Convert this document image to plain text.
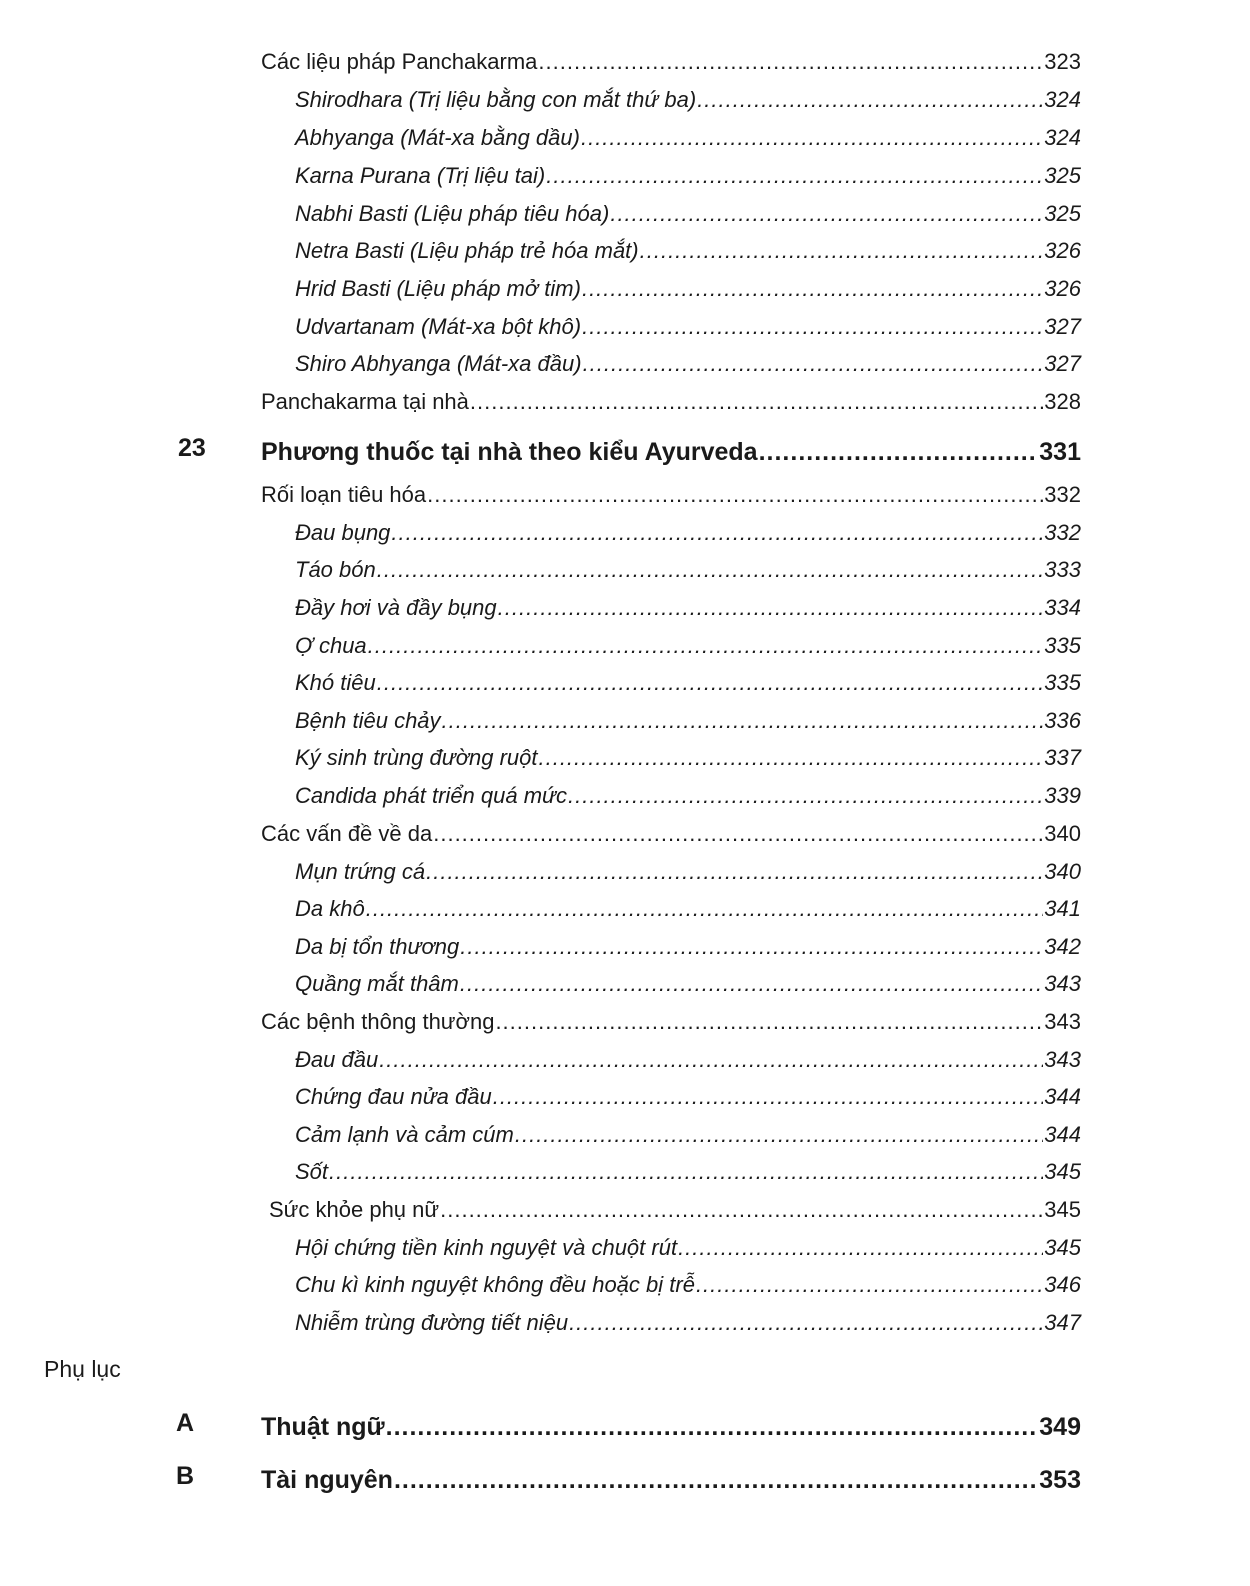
Các liệu pháp Panchakarma .....	323
Shirodhara (Trị liệu bằng con mắt thứ ba) .....	324
Abhyanga (Mát-xa bằng dầu) .....	324
Karna Purana (Trị liệu tai) .....	325
Nabhi Basti (Liệu pháp tiêu hóa) .....	325
Netra Basti (Liệu pháp trẻ hóa mắt) .....	326
Hrid Basti (Liệu pháp mở tim) .....	326
Udvartanam (Mát-xa bột khô) .....	327
Shiro Abhyanga (Mát-xa đầu) .....	327
Panchakarma tại nhà .....	328
23 Phương thuốc tại nhà theo kiểu Ayurveda .....	331
Rối loạn tiêu hóa .....	332
Đau bụng .....	332
Táo bón .....	333
Đầy hơi và đầy bụng .....	334
Ợ chua .....	335
Khó tiêu .....	335
Bệnh tiêu chảy .....	336
Ký sinh trùng đường ruột .....	337
Candida phát triển quá mức .....	339
Các vấn đề về da .....	340
Mụn trứng cá .....	340
Da khô .....	341
Da bị tổn thương .....	342
Quầng mắt thâm .....	343
Các bệnh thông thường .....	343
Đau đầu .....	343
Chứng đau nửa đầu .....	344
Cảm lạnh và cảm cúm .....	344
Sốt .....	345
Sức khỏe phụ nữ .....	345
Hội chứng tiền kinh nguyệt và chuột rút .....	345
Chu kì kinh nguyệt không đều hoặc bị trễ .....	346
Nhiễm trùng đường tiết niệu .....	347
A	Thuật ngữ .....	349
B	Tài nguyên .....	353
Phụ lục
